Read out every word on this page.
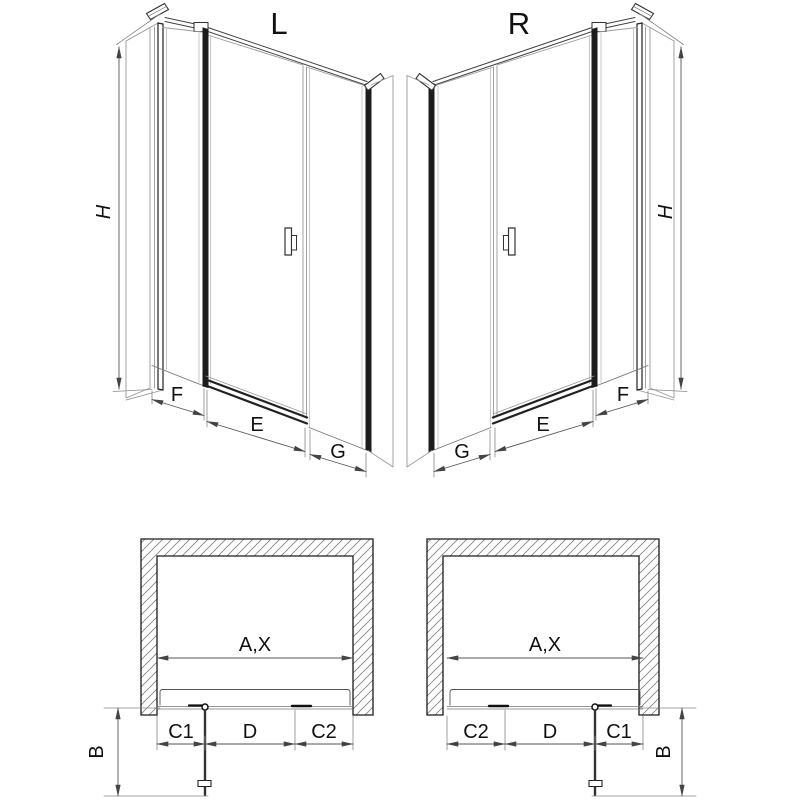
L
H
F
E
G
R
H
F
E
G
A,X
C1 D	C2
B
A,X
C2	D C1
B
